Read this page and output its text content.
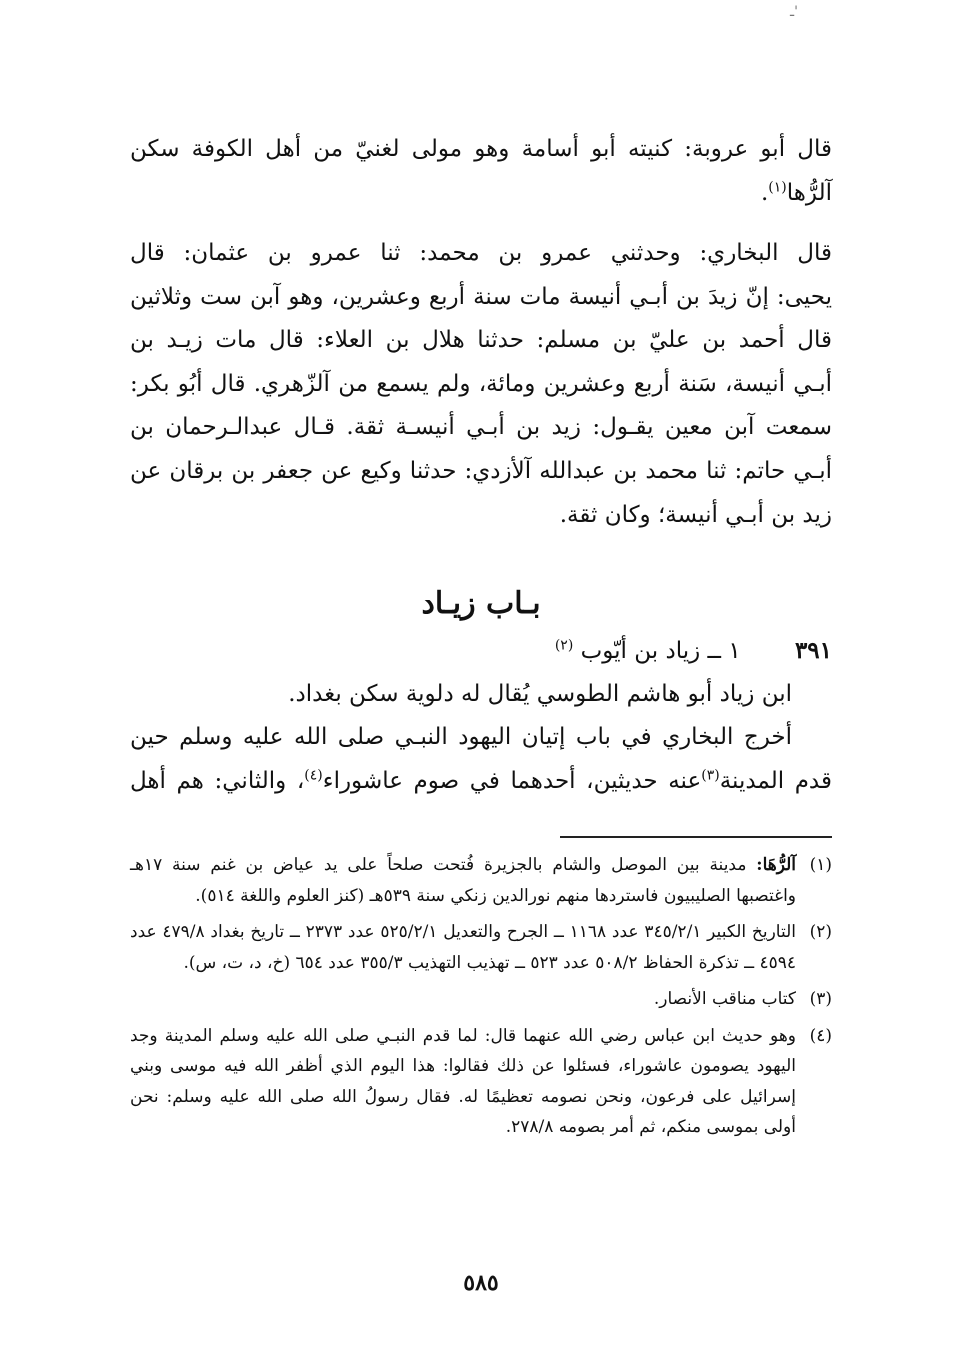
ـ'

قال أبو عروبة: كنيته أبو أسامة وهو مولى لغنيّ من أهل الكوفة سكن
آلرُّها$^{(١)}$.

قال البخاري: وحدثني عمرو بن محمد: ثنا عمرو بن عثمان: قال
يحيى: إنّ زيدَ بن أبـي أنيسة مات سنة أربع وعشرين، وهو آبن ست وثلاثين
قال أحمد بن عليّ بن مسلم: حدثنا هلال بن العلاء: قال مات زيـد بن
أبـي أنيسة، سَنة أربع وعشرين ومائة، ولم يسمع من آلزّهري. قال أبُو بكر:
سمعت آبن معين يقـول: زيد بن أبـي أنيسـة ثقة. قـال عبدالـرحمان بن
أبـي حاتم: ثنا محمد بن عبدالله آلأزدي: حدثنا وكيع عن جعفر بن برقان عن
زيد بن أبـي أنيسة؛ وكان ثقة.

بـاب زيـاد
٣٩١ ١ ــ زياد بن أيّوب $^{(٢)}$

ابن زياد أبو هاشم الطوسي يُقال له دلوية سكن بغداد.

أخرج البخاري في باب إتيان اليهود النبـي صلى الله عليه وسلم حين
قدم المدينة$^{(٣)}$عنه حديثين، أحدهما في صوم عاشوراء$^{(٤)}$، والثاني: هم أهل

(١)
آلرُّهَا: مدينة بين الموصل والشام بالجزيرة فُتحت صلحاً على يد عياض بن غنم سنة ١٧هـ واغتصبها الصليبيون فاستردها منهم نورالدين زنكي سنة ٥٣٩هـ (كنز العلوم واللغة ٥١٤).
(٢)
التاريخ الكبير ٣٤٥/٢/١ عدد ١١٦٨ ــ الجرح والتعديل ٥٢٥/٢/١ عدد ٢٣٧٣ ــ تاريخ بغداد ٤٧٩/٨ عدد ٤٥٩٤ ــ تذكرة الحفاظ ٥٠٨/٢ عدد ٥٢٣ ــ تهذيب التهذيب ٣٥٥/٣ عدد ٦٥٤ (خ، د، ت، س).
(٣)
كتاب مناقب الأنصار.
(٤)
وهو حديث ابن عباس رضي الله عنهما قال: لما قدم النبـي صلى الله عليه وسلم المدينة وجد اليهود يصومون عاشوراء، فسئلوا عن ذلك فقالوا: هذا اليوم الذي أظفر الله فيه موسى وبني إسرائيل على فرعون، ونحن نصومه تعظيمًا له. فقال رسولُ الله صلى الله عليه وسلم: نحن أولى بموسى منكم، ثم أمر بصومه ٢٧٨/٨.
٥٨٥
